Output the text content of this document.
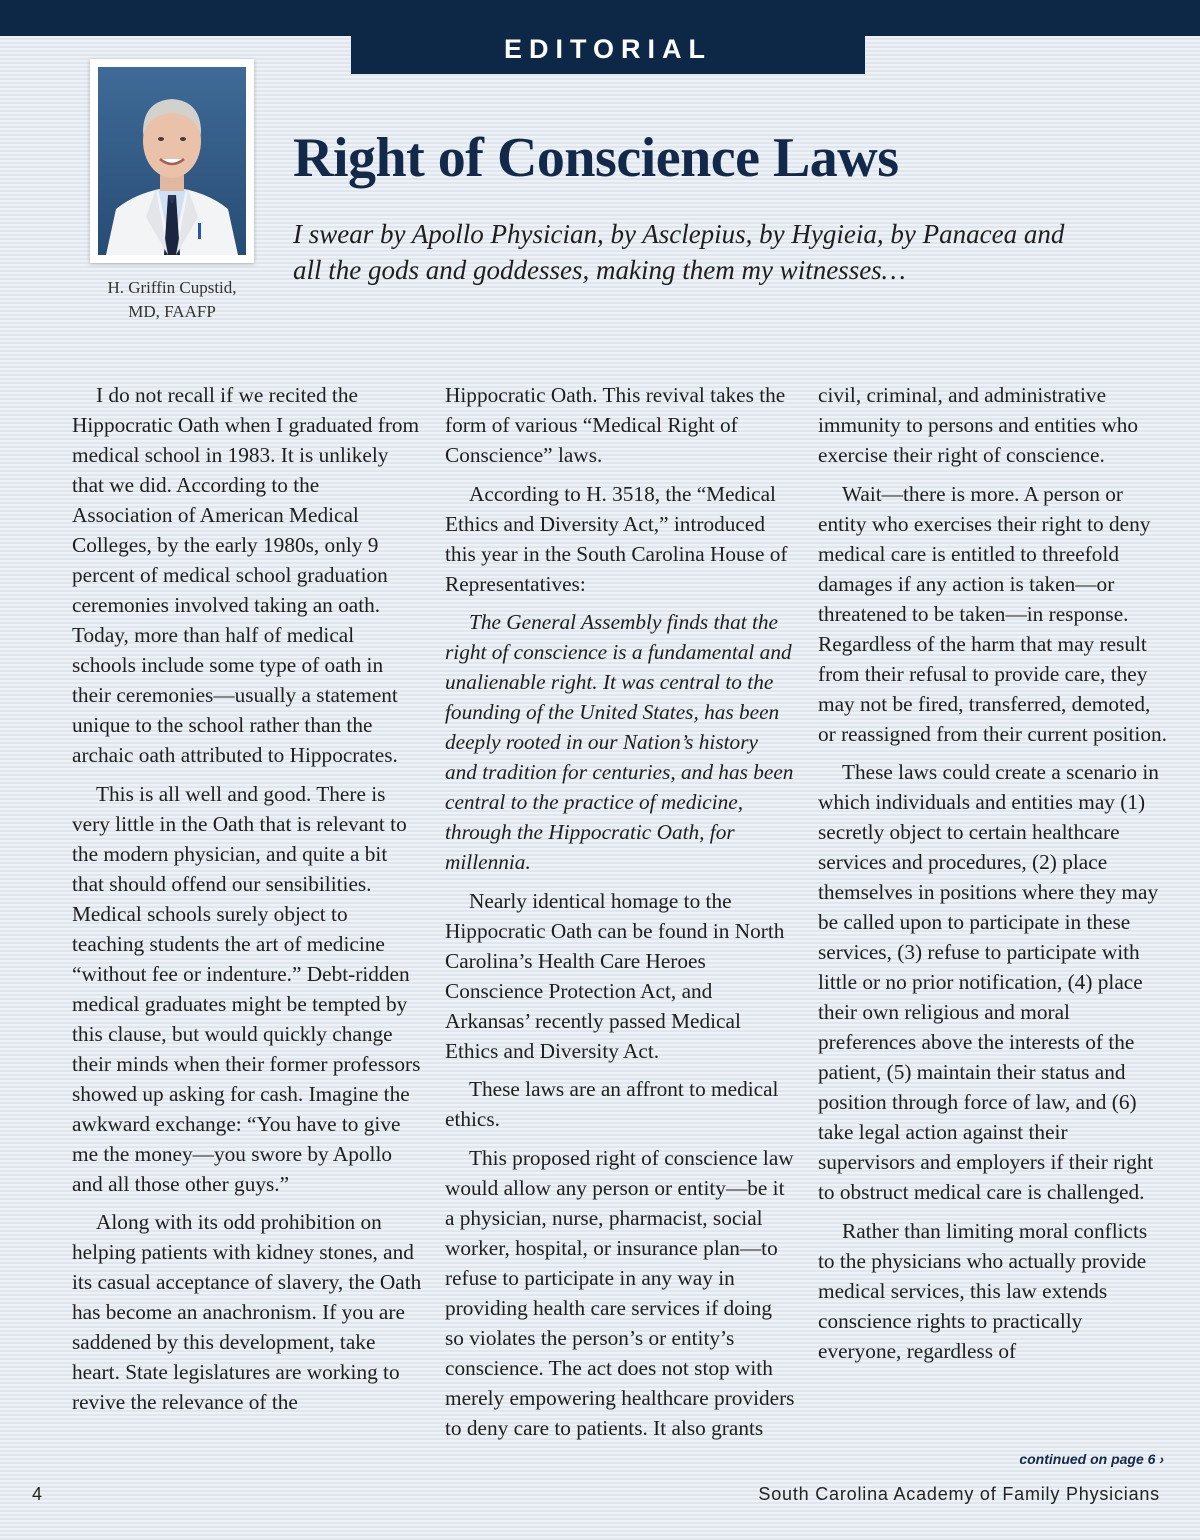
EDITORIAL
H. Griffin Cupstid,
MD, FAAFP
Right of Conscience Laws

I swear by Apollo Physician, by Asclepius, by Hygieia, by Panacea and all the gods and goddesses, making them my witnesses…

I do not recall if we recited the Hippocratic Oath when I graduated from medical school in 1983. It is unlikely that we did. According to the Association of American Medical Colleges, by the early 1980s, only 9 percent of medical school graduation ceremonies involved taking an oath. Today, more than half of medical schools include some type of oath in their ceremonies—usually a statement unique to the school rather than the archaic oath attributed to Hippocrates.

This is all well and good. There is very little in the Oath that is relevant to the modern physician, and quite a bit that should offend our sensibilities. Medical schools surely object to teaching students the art of medicine “without fee or indenture.” Debt-ridden medical graduates might be tempted by this clause, but would quickly change their minds when their former professors showed up asking for cash. Imagine the awkward exchange: “You have to give me the money—you swore by Apollo and all those other guys.”

Along with its odd prohibition on helping patients with kidney stones, and its casual acceptance of slavery, the Oath has become an anachronism. If you are saddened by this development, take heart. State legislatures are working to revive the relevance of the

Hippocratic Oath. This revival takes the form of various “Medical Right of Conscience” laws.

According to H. 3518, the “Medical Ethics and Diversity Act,” introduced this year in the South Carolina House of Representatives:

The General Assembly finds that the right of conscience is a fundamental and unalienable right. It was central to the founding of the United States, has been deeply rooted in our Nation’s history and tradition for centuries, and has been central to the practice of medicine, through the Hippocratic Oath, for millennia.

Nearly identical homage to the Hippocratic Oath can be found in North Carolina’s Health Care Heroes Conscience Protection Act, and Arkansas’ recently passed Medical Ethics and Diversity Act.

These laws are an affront to medical ethics.

This proposed right of conscience law would allow any person or entity—be it a physician, nurse, pharmacist, social worker, hospital, or insurance plan—to refuse to participate in any way in providing health care services if doing so violates the person’s or entity’s conscience. The act does not stop with merely empowering healthcare providers to deny care to patients. It also grants

civil, criminal, and administrative immunity to persons and entities who exercise their right of conscience.

Wait—there is more. A person or entity who exercises their right to deny medical care is entitled to threefold damages if any action is taken—or threatened to be taken—in response. Regardless of the harm that may result from their refusal to provide care, they may not be fired, transferred, demoted, or reassigned from their current position.

These laws could create a scenario in which individuals and entities may (1) secretly object to certain healthcare services and procedures, (2) place themselves in positions where they may be called upon to participate in these services, (3) refuse to participate with little or no prior notification, (4) place their own religious and moral preferences above the interests of the patient, (5) maintain their status and position through force of law, and (6) take legal action against their supervisors and employers if their right to obstruct medical care is challenged.

Rather than limiting moral conflicts to the physicians who actually provide medical services, this law extends conscience rights to practically everyone, regardless of

continued on page 6 ›
4	South Carolina Academy of Family Physicians
